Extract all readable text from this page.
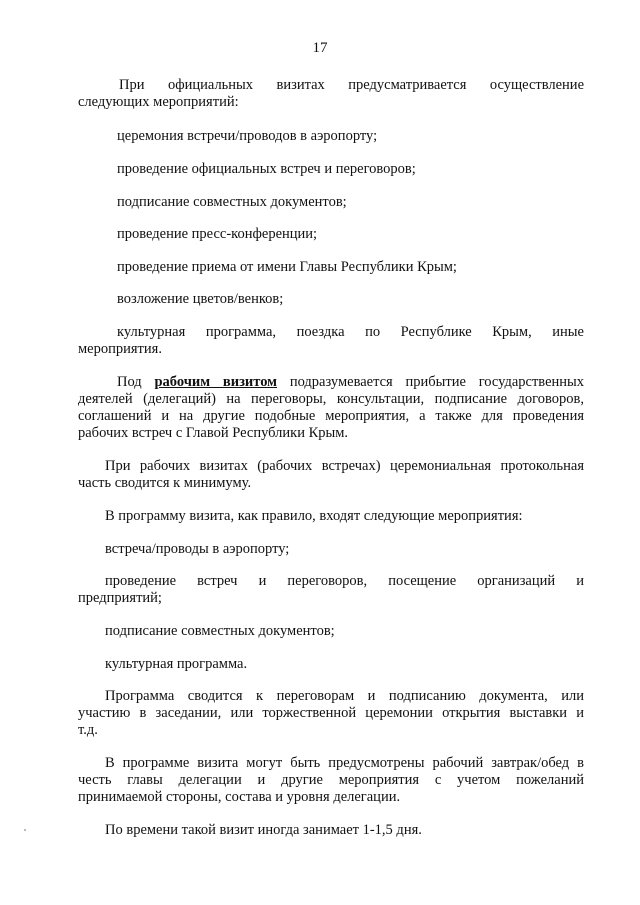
17
При официальных визитах предусматривается осуществление
следующих мероприятий:
церемония встречи/проводов в аэропорту;
проведение официальных встреч и переговоров;
подписание совместных документов;
проведение пресс-конференции;
проведение приема от имени Главы Республики Крым;
возложение цветов/венков;
культурная программа, поездка по Республике Крым, иные
мероприятия.
Под рабочим визитом подразумевается прибытие государственных
деятелей (делегаций) на переговоры, консультации, подписание договоров,
соглашений и на другие подобные мероприятия, а также для проведения
рабочих встреч с Главой Республики Крым.
При рабочих визитах (рабочих встречах) церемониальная протокольная
часть сводится к минимуму.
В программу визита, как правило, входят следующие мероприятия:
встреча/проводы в аэропорту;
проведение встреч и переговоров, посещение организаций и
предприятий;
подписание совместных документов;
культурная программа.
Программа сводится к переговорам и подписанию документа, или
участию в заседании, или торжественной церемонии открытия выставки и
т.д.
В программе визита могут быть предусмотрены рабочий завтрак/обед в
честь главы делегации и другие мероприятия с учетом пожеланий
принимаемой стороны, состава и уровня делегации.
По времени такой визит иногда занимает 1-1,5 дня.
